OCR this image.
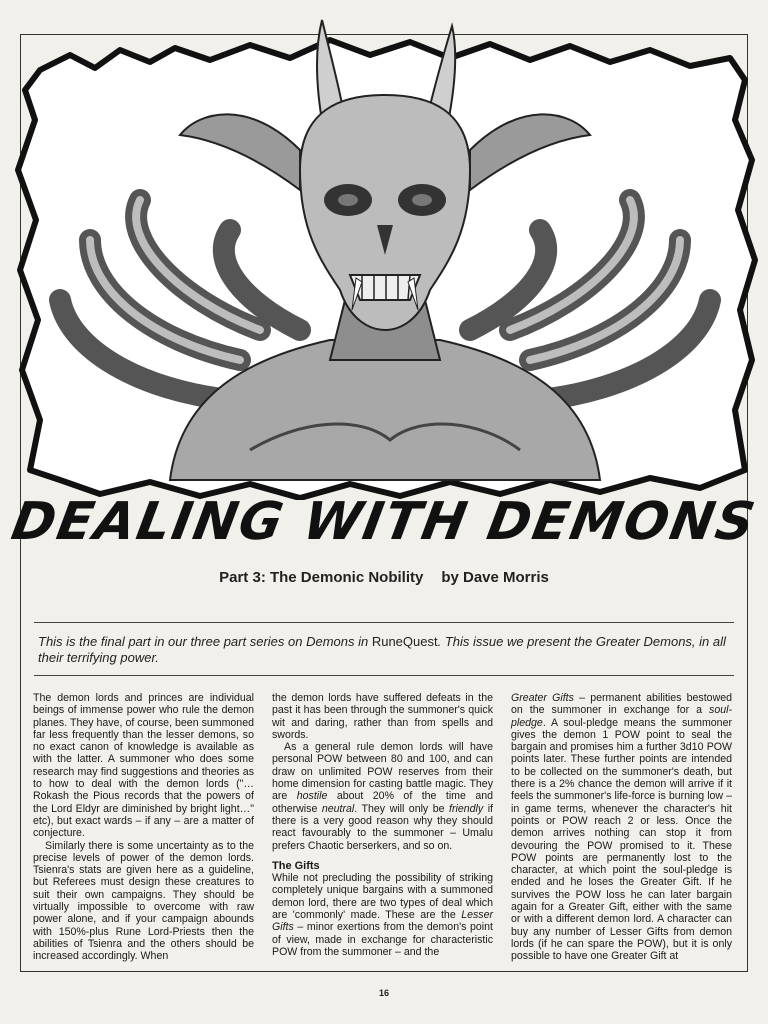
DEALING WITH DEMONS
Part 3: The Demonic Nobility by Dave Morris
This is the final part in our three part series on Demons in RuneQuest. This issue we present the Greater Demons, in all their terrifying power.

The demon lords and princes are individual beings of immense power who rule the demon planes. They have, of course, been summoned far less frequently than the lesser demons, so no exact canon of knowledge is available as with the latter. A summoner who does some research may find suggestions and theories as to how to deal with the demon lords ("… Rokash the Pious records that the powers of the Lord Eldyr are diminished by bright light…" etc), but exact wards – if any – are a matter of conjecture.

Similarly there is some uncertainty as to the precise levels of power of the demon lords. Tsienra's stats are given here as a guideline, but Referees must design these creatures to suit their own campaigns. They should be virtually impossible to overcome with raw power alone, and if your campaign abounds with 150%-plus Rune Lord-Priests then the abilities of Tsienra and the others should be increased accordingly. When

the demon lords have suffered defeats in the past it has been through the summoner's quick wit and daring, rather than from spells and swords.

As a general rule demon lords will have personal POW between 80 and 100, and can draw on unlimited POW reserves from their home dimension for casting battle magic. They are hostile about 20% of the time and otherwise neutral. They will only be friendly if there is a very good reason why they should react favourably to the summoner – Umalu prefers Chaotic berserkers, and so on.

The Gifts

While not precluding the possibility of striking completely unique bargains with a summoned demon lord, there are two types of deal which are 'commonly' made. These are the Lesser Gifts – minor exertions from the demon's point of view, made in exchange for characteristic POW from the summoner – and the

Greater Gifts – permanent abilities bestowed on the summoner in exchange for a soul-pledge. A soul-pledge means the summoner gives the demon 1 POW point to seal the bargain and promises him a further 3d10 POW points later. These further points are intended to be collected on the summoner's death, but there is a 2% chance the demon will arrive if it feels the summoner's life-force is burning low – in game terms, whenever the character's hit points or POW reach 2 or less. Once the demon arrives nothing can stop it from devouring the POW promised to it. These POW points are permanently lost to the character, at which point the soul-pledge is ended and he loses the Greater Gift. If he survives the POW loss he can later bargain again for a Greater Gift, either with the same or with a different demon lord. A character can buy any number of Lesser Gifts from demon lords (if he can spare the POW), but it is only possible to have one Greater Gift at

16
